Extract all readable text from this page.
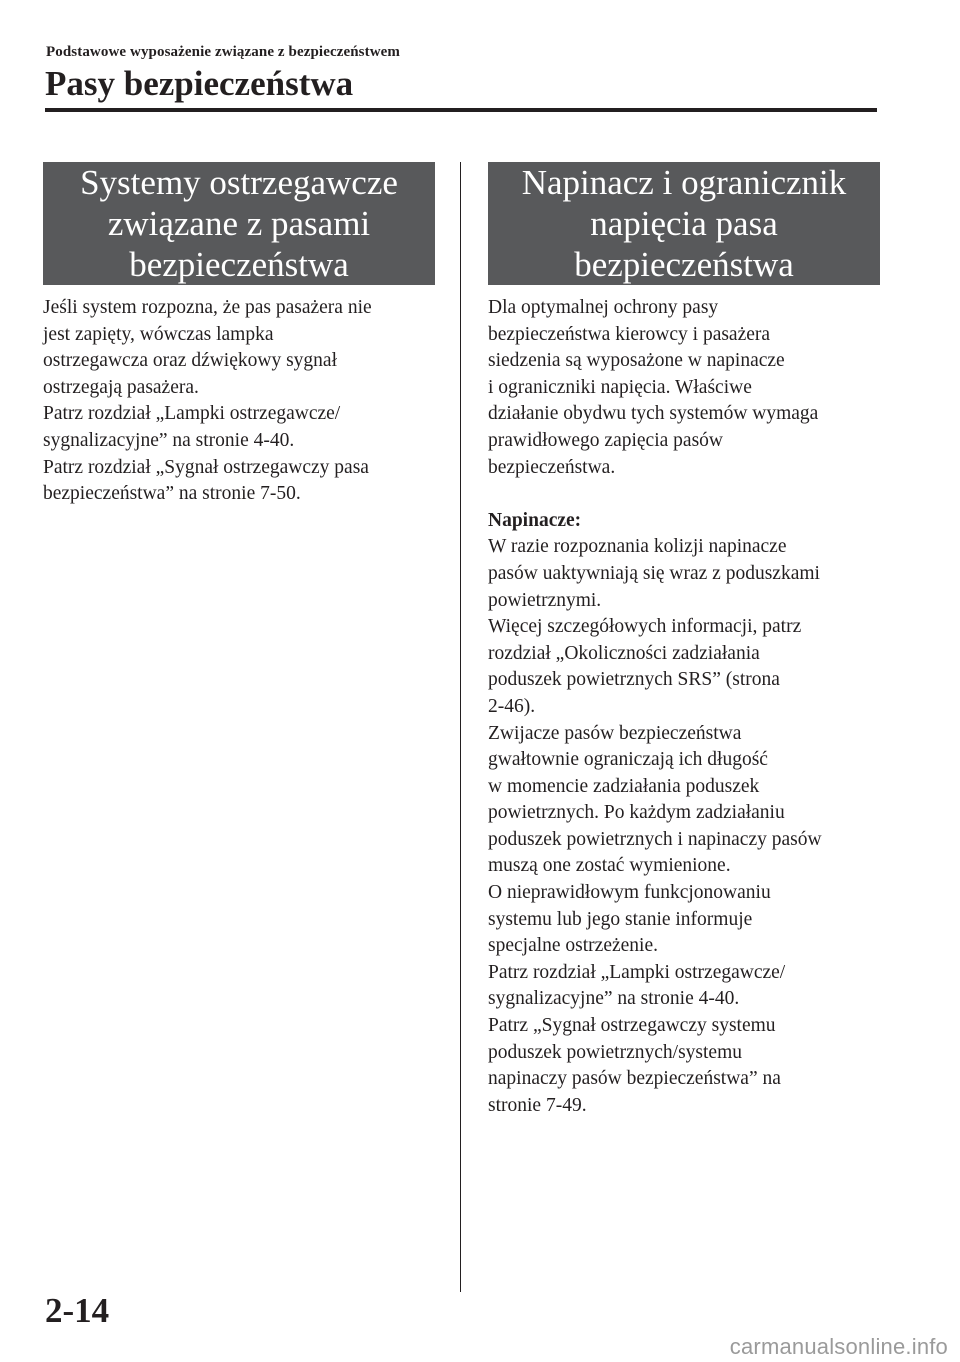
Podstawowe wyposażenie związane z bezpieczeństwem
Pasy bezpieczeństwa
Systemy ostrzegawcze
związane z pasami
bezpieczeństwa

Jeśli system rozpozna, że pas pasażera nie
jest zapięty, wówczas lampka
ostrzegawcza oraz dźwiękowy sygnał
ostrzegają pasażera.
Patrz rozdział „Lampki ostrzegawcze/
sygnalizacyjne” na stronie 4-40.
Patrz rozdział „Sygnał ostrzegawczy pasa
bezpieczeństwa” na stronie 7-50.

Napinacz i ogranicznik
napięcia pasa
bezpieczeństwa

Dla optymalnej ochrony pasy
bezpieczeństwa kierowcy i pasażera
siedzenia są wyposażone w napinacze
i ograniczniki napięcia. Właściwe
działanie obydwu tych systemów wymaga
prawidłowego zapięcia pasów
bezpieczeństwa.

Napinacze:

W razie rozpoznania kolizji napinacze
pasów uaktywniają się wraz z poduszkami
powietrznymi.
Więcej szczegółowych informacji, patrz
rozdział „Okoliczności zadziałania
poduszek powietrznych SRS” (strona
2-46).
Zwijacze pasów bezpieczeństwa
gwałtownie ograniczają ich długość
w momencie zadziałania poduszek
powietrznych. Po każdym zadziałaniu
poduszek powietrznych i napinaczy pasów
muszą one zostać wymienione.
O nieprawidłowym funkcjonowaniu
systemu lub jego stanie informuje
specjalne ostrzeżenie.
Patrz rozdział „Lampki ostrzegawcze/
sygnalizacyjne” na stronie 4-40.
Patrz „Sygnał ostrzegawczy systemu
poduszek powietrznych/systemu
napinaczy pasów bezpieczeństwa” na
stronie 7-49.

2-14
carmanualsonline.info
